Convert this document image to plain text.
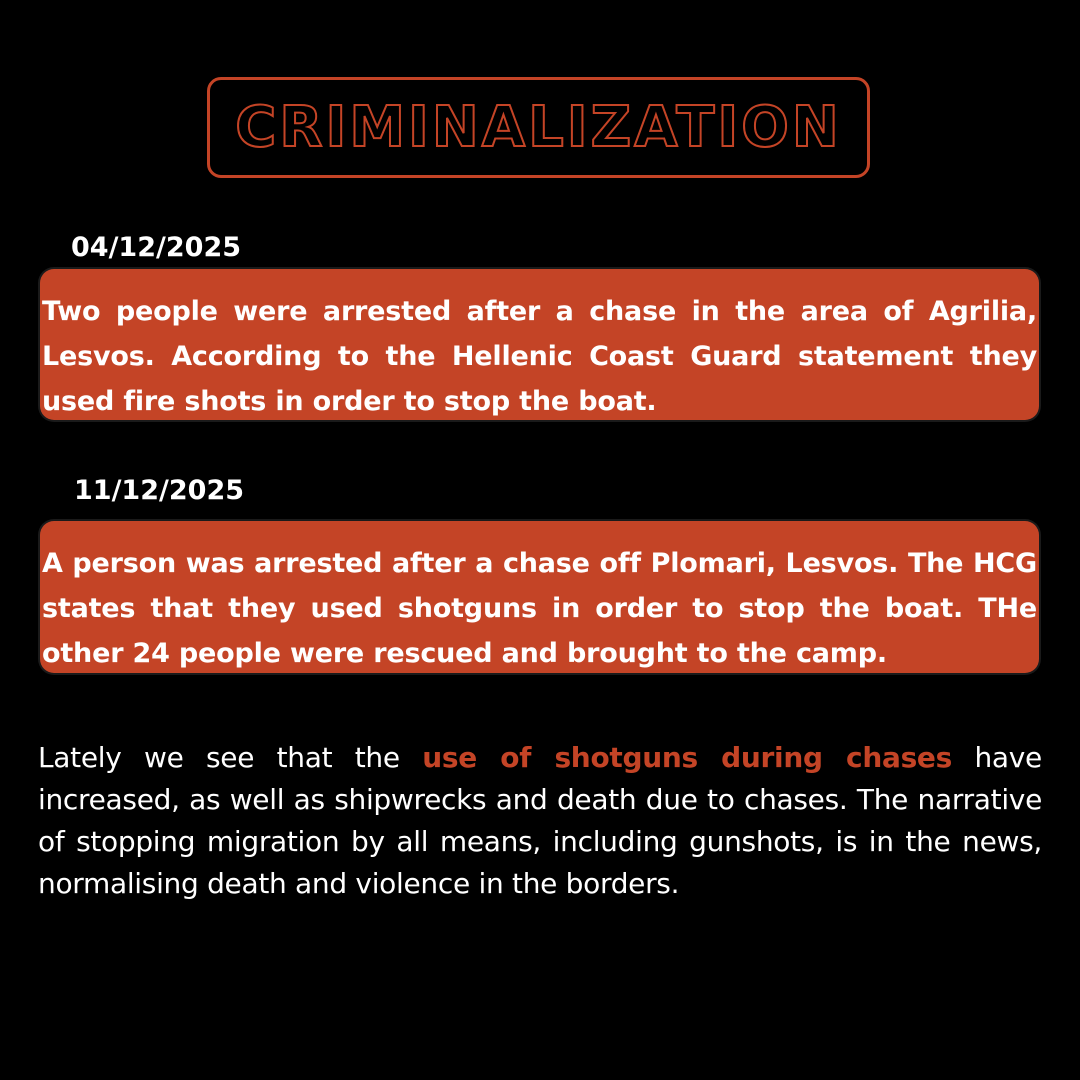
CRIMINALIZATION
04/12/2025

Two people were arrested after a chase in the area of Agrilia, Lesvos. According to the Hellenic Coast Guard statement they used fire shots in order to stop the boat.

11/12/2025

A person was arrested after a chase off Plomari, Lesvos. The HCG states that they used shotguns in order to stop the boat. THe other 24 people were rescued and brought to the camp.

Lately we see that the use of shotguns during chases have increased, as well as shipwrecks and death due to chases. The narrative of stopping migration by all means, including gunshots, is in the news, normalising death and violence in the borders.
